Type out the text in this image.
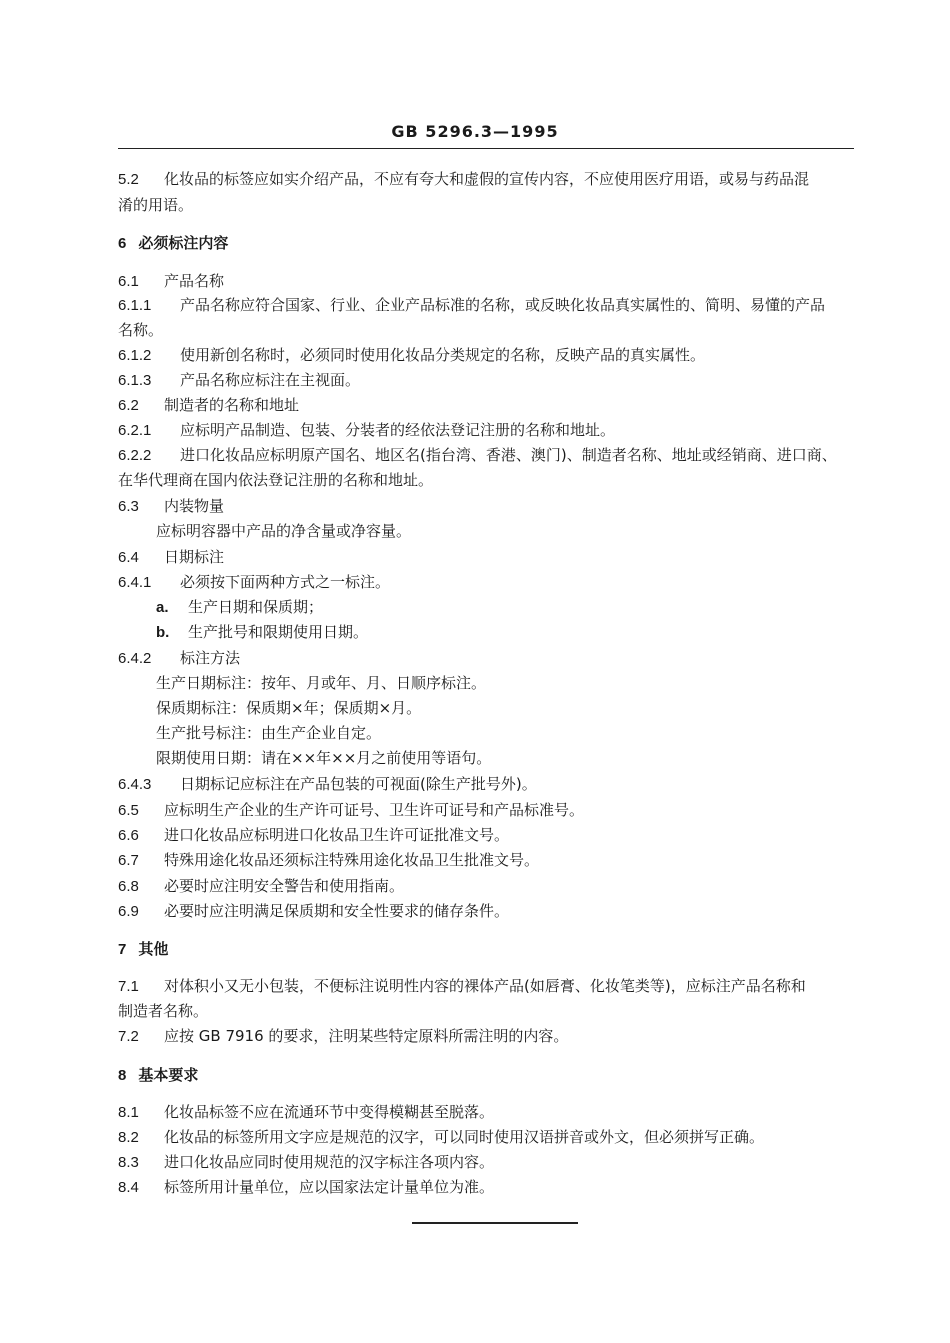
GB 5296.3—1995
5.2 化妆品的标签应如实介绍产品，不应有夸大和虚假的宣传内容，不应使用医疗用语，或易与药品混
淆的用语。
6 必须标注内容
6.1 产品名称
6.1.1 产品名称应符合国家、行业、企业产品标准的名称，或反映化妆品真实属性的、简明、易懂的产品
名称。
6.1.2 使用新创名称时，必须同时使用化妆品分类规定的名称，反映产品的真实属性。
6.1.3 产品名称应标注在主视面。
6.2 制造者的名称和地址
6.2.1 应标明产品制造、包装、分装者的经依法登记注册的名称和地址。
6.2.2 进口化妆品应标明原产国名、地区名(指台湾、香港、澳门)、制造者名称、地址或经销商、进口商、
在华代理商在国内依法登记注册的名称和地址。
6.3 内装物量
应标明容器中产品的净含量或净容量。
6.4 日期标注
6.4.1 必须按下面两种方式之一标注。
a. 生产日期和保质期；
b. 生产批号和限期使用日期。
6.4.2 标注方法
生产日期标注：按年、月或年、月、日顺序标注。
保质期标注：保质期×年；保质期×月。
生产批号标注：由生产企业自定。
限期使用日期：请在××年××月之前使用等语句。
6.4.3 日期标记应标注在产品包装的可视面(除生产批号外)。
6.5 应标明生产企业的生产许可证号、卫生许可证号和产品标准号。
6.6 进口化妆品应标明进口化妆品卫生许可证批准文号。
6.7 特殊用途化妆品还须标注特殊用途化妆品卫生批准文号。
6.8 必要时应注明安全警告和使用指南。
6.9 必要时应注明满足保质期和安全性要求的储存条件。
7 其他
7.1 对体积小又无小包装，不便标注说明性内容的裸体产品(如唇膏、化妆笔类等)，应标注产品名称和
制造者名称。
7.2 应按 GB 7916 的要求，注明某些特定原料所需注明的内容。
8 基本要求
8.1 化妆品标签不应在流通环节中变得模糊甚至脱落。
8.2 化妆品的标签所用文字应是规范的汉字，可以同时使用汉语拼音或外文，但必须拼写正确。
8.3 进口化妆品应同时使用规范的汉字标注各项内容。
8.4 标签所用计量单位，应以国家法定计量单位为准。
